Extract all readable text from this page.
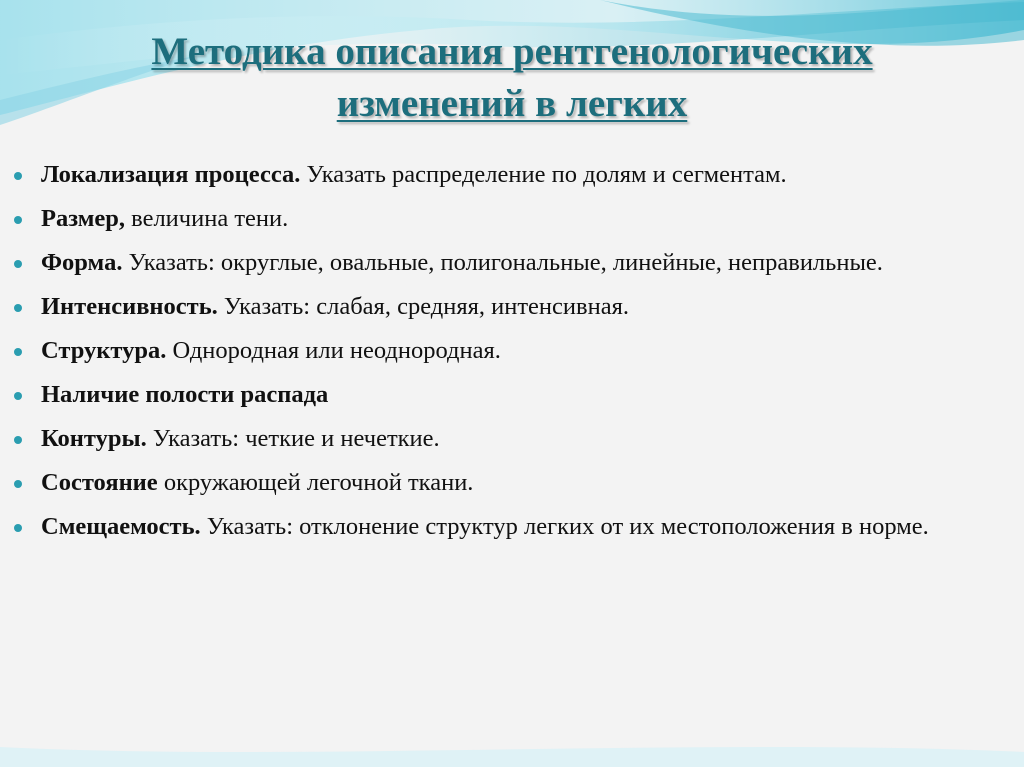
Методика описания рентгенологических
изменений в легких
Локализация процесса. Указать распределение по долям и сегментам.
Размер, величина тени.
Форма. Указать: округлые, овальные, полигональные, линейные, неправильные.
Интенсивность. Указать: слабая, средняя, интенсивная.
Структура. Однородная или неоднородная.
Наличие полости распада
Контуры. Указать: четкие и нечеткие.
Состояние окружающей легочной ткани.
Смещаемость. Указать: отклонение структур легких от их местоположения в норме.
